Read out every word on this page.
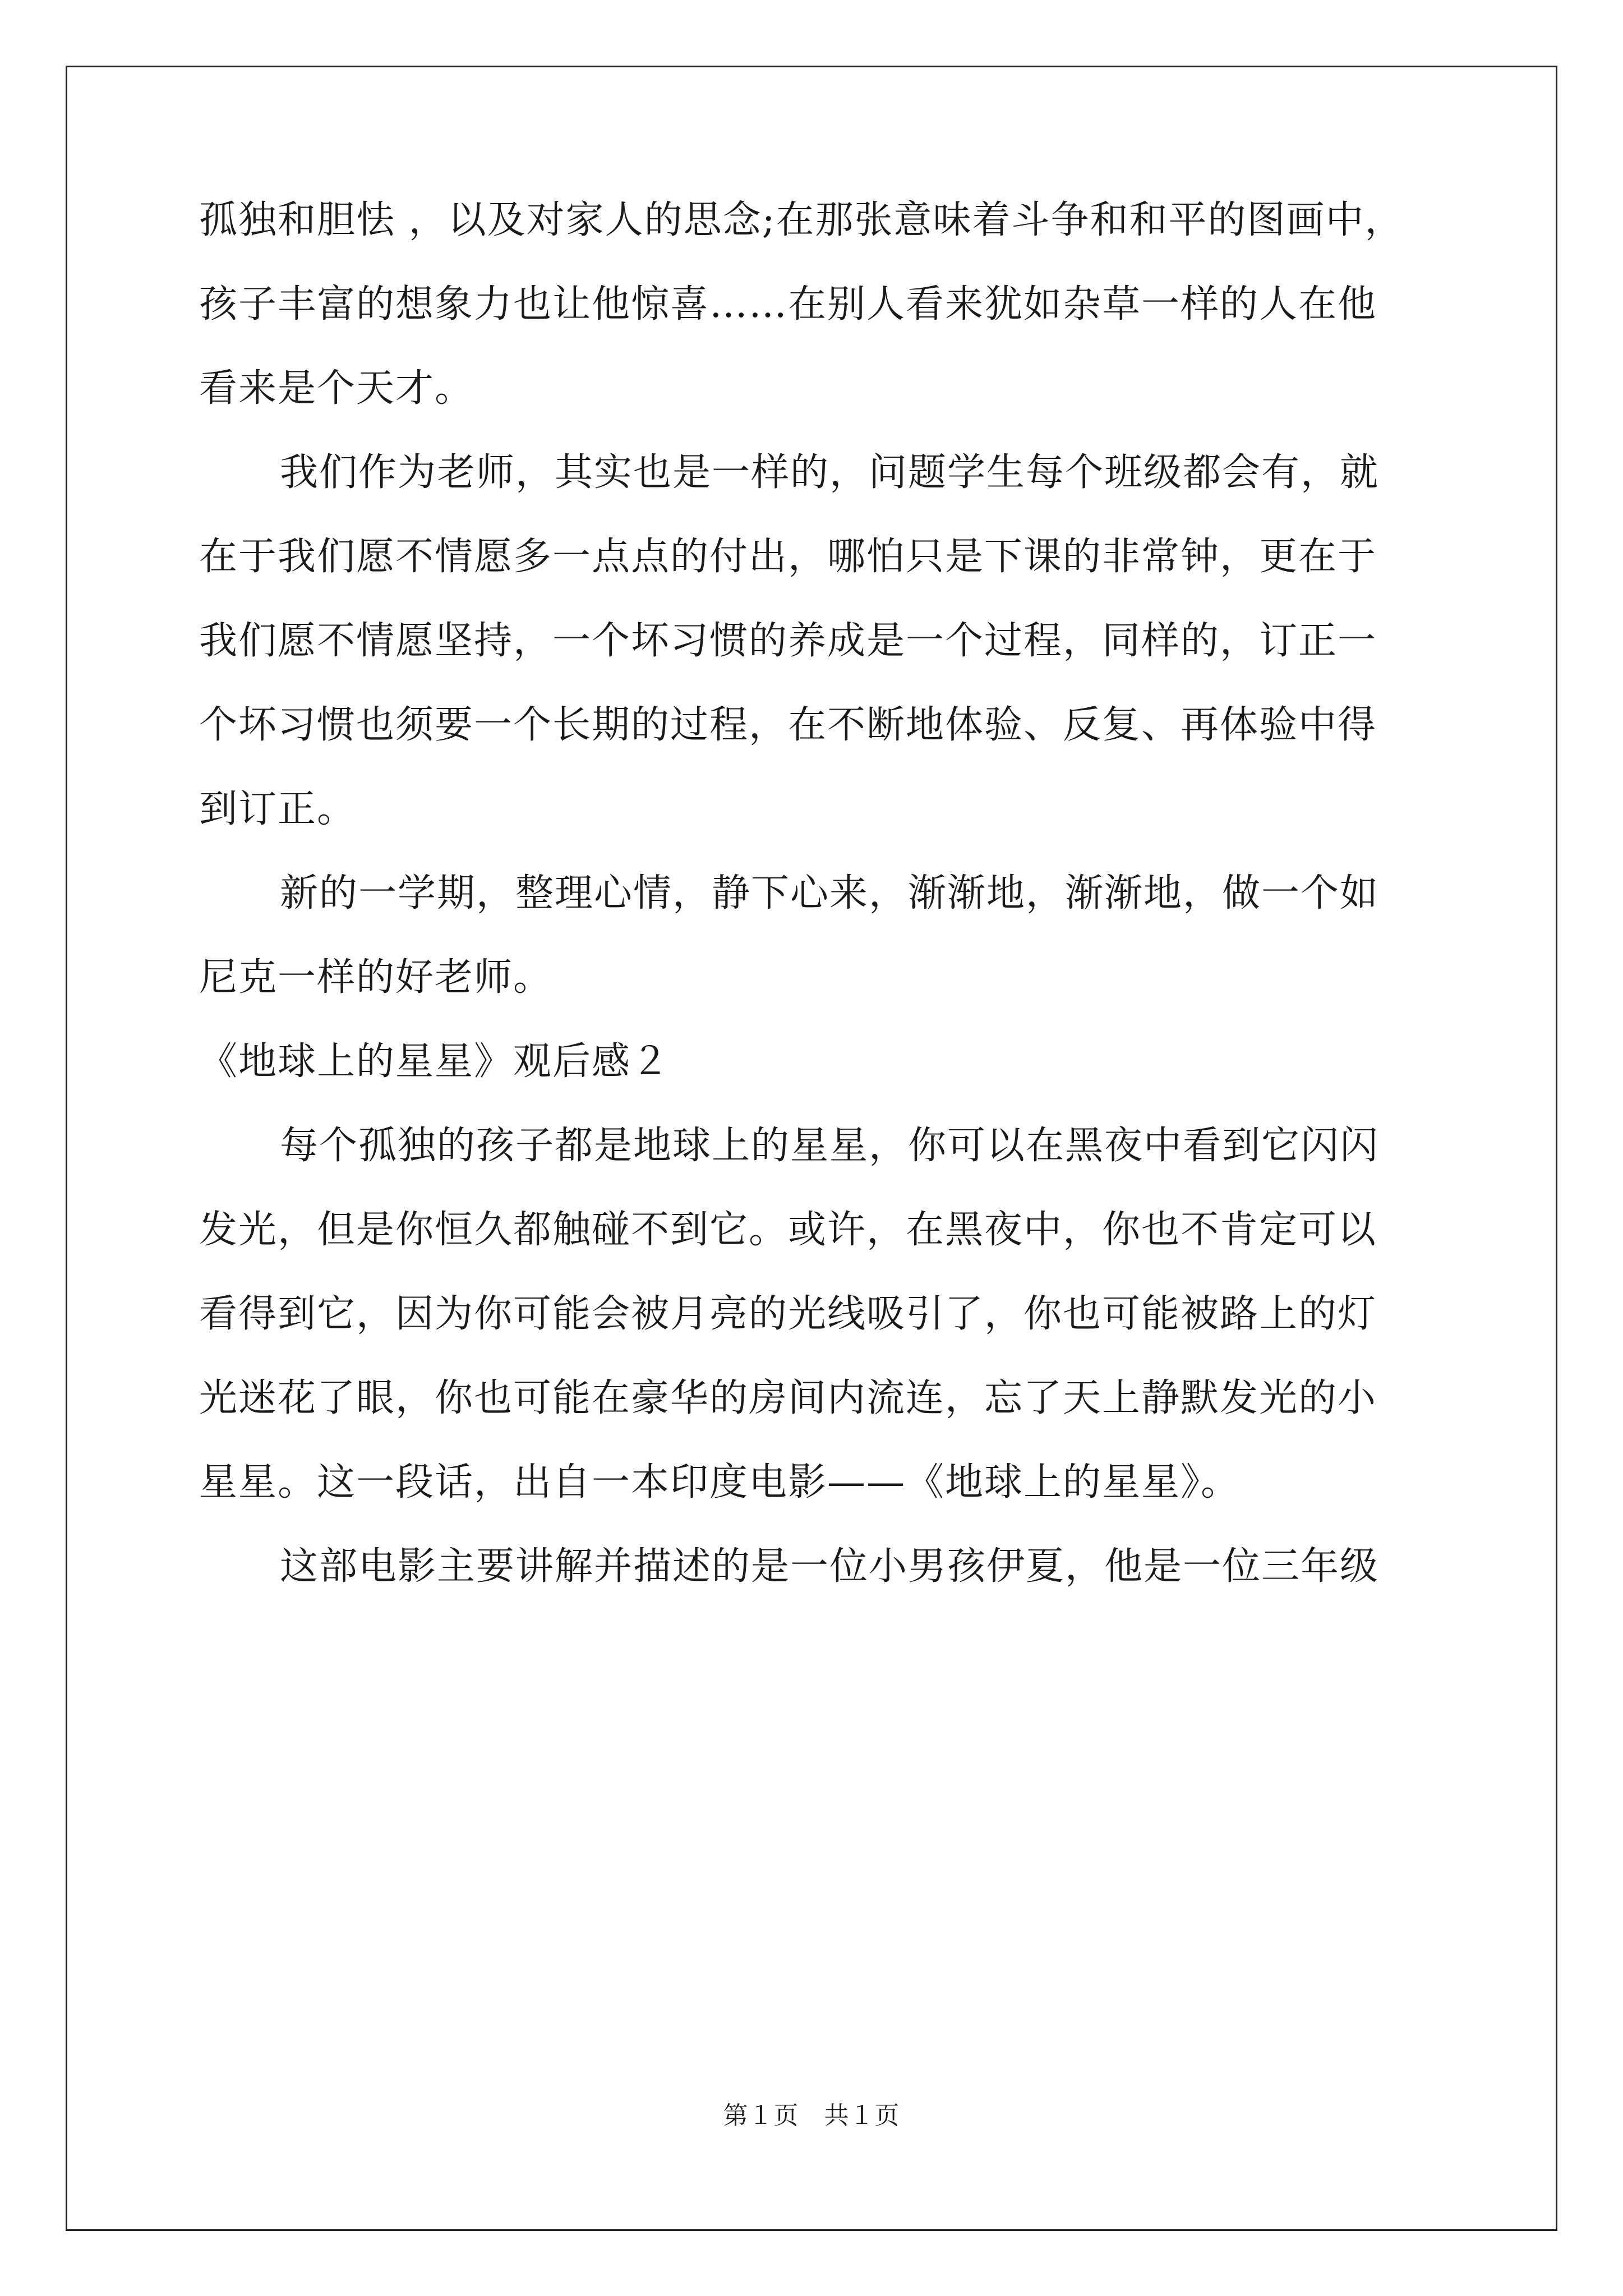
孤独和胆怯 ，以及对家人的思念;在那张意味着斗争和和平的图画中，
孩子丰富的想象力也让他惊喜……在别人看来犹如杂草一样的人在他
看来是个天才。
我们作为老师，其实也是一样的，问题学生每个班级都会有，就
在于我们愿不情愿多一点点的付出，哪怕只是下课的非常钟，更在于
我们愿不情愿坚持，一个坏习惯的养成是一个过程，同样的，订正一
个坏习惯也须要一个长期的过程，在不断地体验、反复、再体验中得
到订正。
新的一学期，整理心情，静下心来，渐渐地，渐渐地，做一个如
尼克一样的好老师。
《地球上的星星》观后感２
每个孤独的孩子都是地球上的星星，你可以在黑夜中看到它闪闪
发光，但是你恒久都触碰不到它。或许，在黑夜中，你也不肯定可以
看得到它，因为你可能会被月亮的光线吸引了，你也可能被路上的灯
光迷花了眼，你也可能在豪华的房间内流连，忘了天上静默发光的小
星星。这一段话，出自一本印度电影——《地球上的星星》。
这部电影主要讲解并描述的是一位小男孩伊夏，他是一位三年级
第１页　共１页
